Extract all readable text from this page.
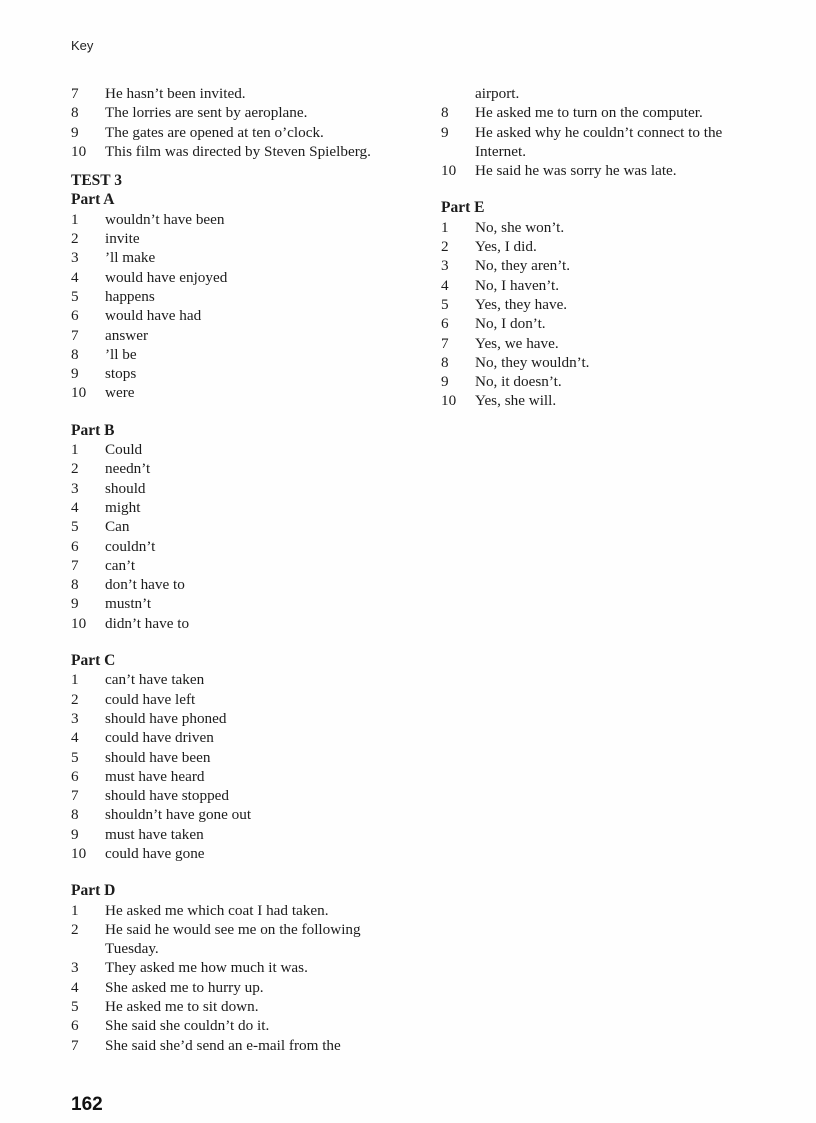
Key
7	He hasn’t been invited.
8	The lorries are sent by aeroplane.
9	The gates are opened at ten o’clock.
10	This film was directed by Steven Spielberg.
TEST 3
Part A
1	wouldn’t have been
2	invite
3	’ll make
4	would have enjoyed
5	happens
6	would have had
7	answer
8	’ll be
9	stops
10	were
Part B
1	Could
2	needn’t
3	should
4	might
5	Can
6	couldn’t
7	can’t
8	don’t have to
9	mustn’t
10	didn’t have to
Part C
1	can’t have taken
2	could have left
3	should have phoned
4	could have driven
5	should have been
6	must have heard
7	should have stopped
8	shouldn’t have gone out
9	must have taken
10	could have gone
Part D
1	He asked me which coat I had taken.
2	He said he would see me on the following
Tuesday.
3	They asked me how much it was.
4	She asked me to hurry up.
5	He asked me to sit down.
6	She said she couldn’t do it.
7	She said she’d send an e-mail from the
airport.
8	He asked me to turn on the computer.
9	He asked why he couldn’t connect to the
Internet.
10	He said he was sorry he was late.
Part E
1	No, she won’t.
2	Yes, I did.
3	No, they aren’t.
4	No, I haven’t.
5	Yes, they have.
6	No, I don’t.
7	Yes, we have.
8	No, they wouldn’t.
9	No, it doesn’t.
10	Yes, she will.
162
